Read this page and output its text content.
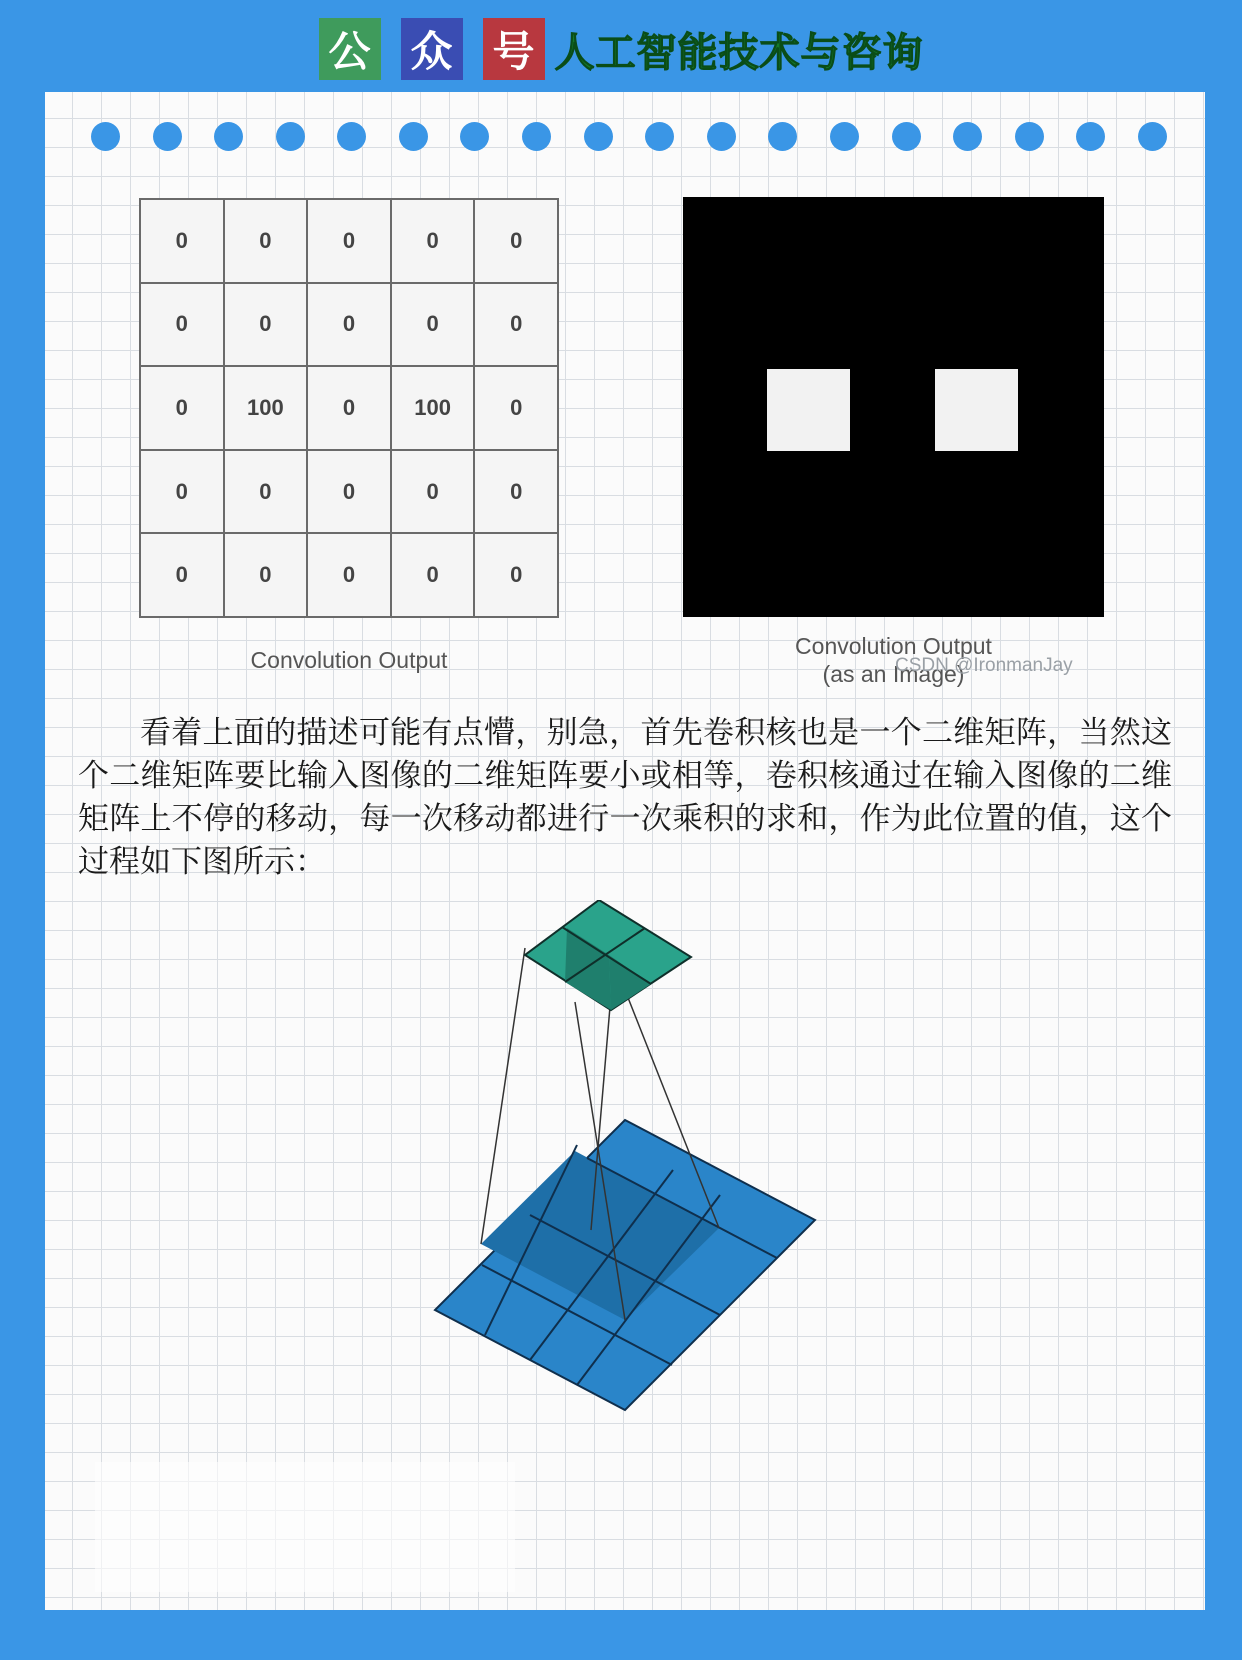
公 众 号 人工智能技术与咨询
0	0	0	0	0
0	0	0	0	0
0	100	0	100	0
0	0	0	0	0
0	0	0	0	0
Convolution Output
Convolution Output
(as an Image)
CSDN @IronmanJay

看着上面的描述可能有点懵，别急，首先卷积核也是一个二维矩阵，当然这个二维矩阵要比输入图像的二维矩阵要小或相等，卷积核通过在输入图像的二维矩阵上不停的移动，每一次移动都进行一次乘积的求和，作为此位置的值，这个过程如下图所示：
